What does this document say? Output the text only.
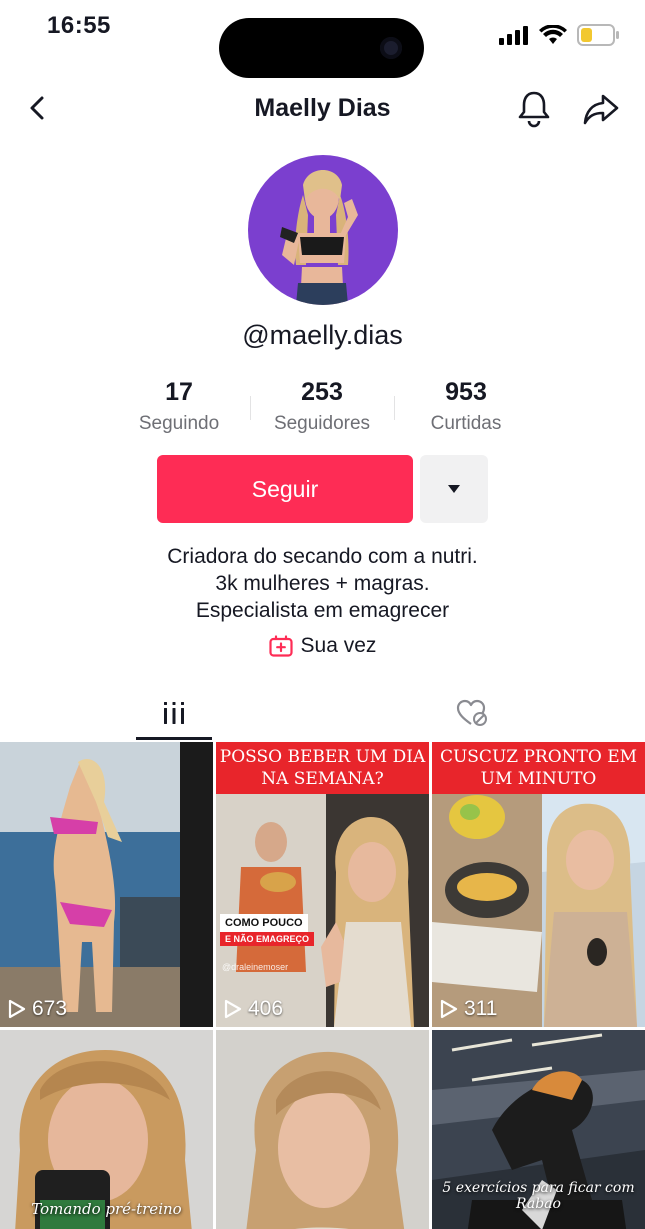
16:55
Maelly Dias
@maelly.dias
17
Seguindo
253
Seguidores
953
Curtidas
Seguir
Criadora do secando com a nutri.
3k mulheres + magras.
Especialista em emagrecer
Sua vez
673
POSSO BEBER UM DIA NA SEMANA?
COMO POUCO
E NÃO EMAGREÇO
@draleinemoser
406
CUSCUZ PRONTO EM UM MINUTO
311
Tomando pré-treino
5 exercícios para ficar com Rabao
